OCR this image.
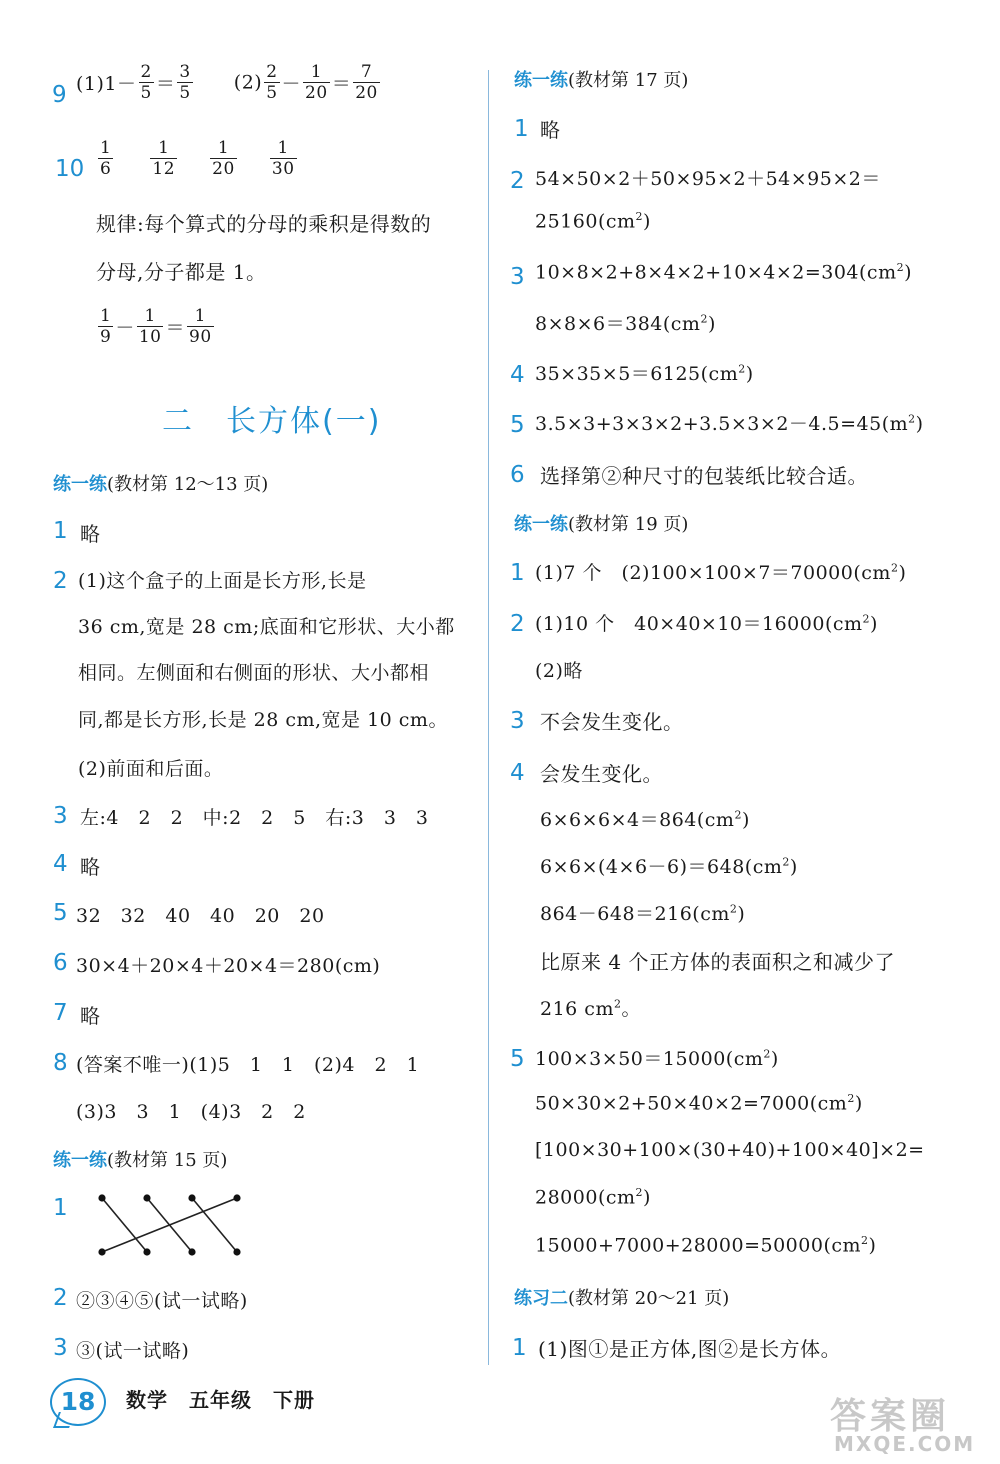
9 $(1)1- \frac{2}{5} = \frac{3}{5} (2) \frac{2}{5} - \frac{1}{20} = \frac{7}{20}$
$10 \frac{1}{6}$
$\frac{1}{12}$
$\frac{1}{20}$
$\frac{1}{30}$
规律:每个算式的分母的乘积是得数的
分母,分子都是 1。
$\frac{1}{9} - \frac{1}{10} = \frac{1}{90}$
二　长方体(一)
练一练(教材第 12～13 页)
1 略
2 (1)这个盒子的上面是长方形,长是
36 cm,宽是 28 cm;底面和它形状、大小都
相同。左侧面和右侧面的形状、大小都相
同,都是长方形,长是 28 cm,宽是 10 cm。
(2)前面和后面。
3 左:4　2　2　中:2　2　5　右:3　3　3
4 略
5 32　32　40　40　20　20
6 30×4＋20×4＋20×4＝280(cm)
7 略
8 (答案不唯一)(1)5　1　1　(2)4　2　1
(3)3　3　1　(4)3　2　2
练一练(教材第 15 页)
1
2 ②③④⑤(试一试略)
3 ③(试一试略)
练一练(教材第 17 页)
1 略
2 54×50×2＋50×95×2＋54×95×2＝
$25160(cm^2)$
3 $10\times 8\times 2+8\times 4\times 2+10\times 4\times 2=304(cm^2)$
$8\times 8\times 6=384(cm^2)$
4 $35\times 35\times 5=6125(cm^2)$
5 $3.5\times 3+3\times 3\times 2+3.5\times 3\times 2-4.5=45(m^2)$
6 选择第②种尺寸的包装纸比较合适。
练一练(教材第 19 页)
1 (1)7 个　$(2)100\times 100\times 7=70000(cm^2)$
2 (1)10 个　$40\times 40\times 10=16000(cm^2)$
(2)略
3 不会发生变化。
4 会发生变化。
$6\times 6\times 6\times 4=864(cm^2)$
$6\times 6\times(4\times 6-6)=648(cm^2)$
$864-648=216(cm^2)$
比原来 4 个正方体的表面积之和减少了
216 $cm^2$。
5 $100\times 3\times 50=15000(cm^2)$
$50\times 30\times 2+50\times 40\times 2=7000(cm^2)$
[100×30+100×(30+40)+100×40]×2=
$28000(cm^2)$
$15000+7000+28000=50000(cm^2)$
练习二(教材第 20～21 页)
1 (1)图①是正方体,图②是长方体。
18	数学　五年级　下册	答案圈
MXQE.COM
